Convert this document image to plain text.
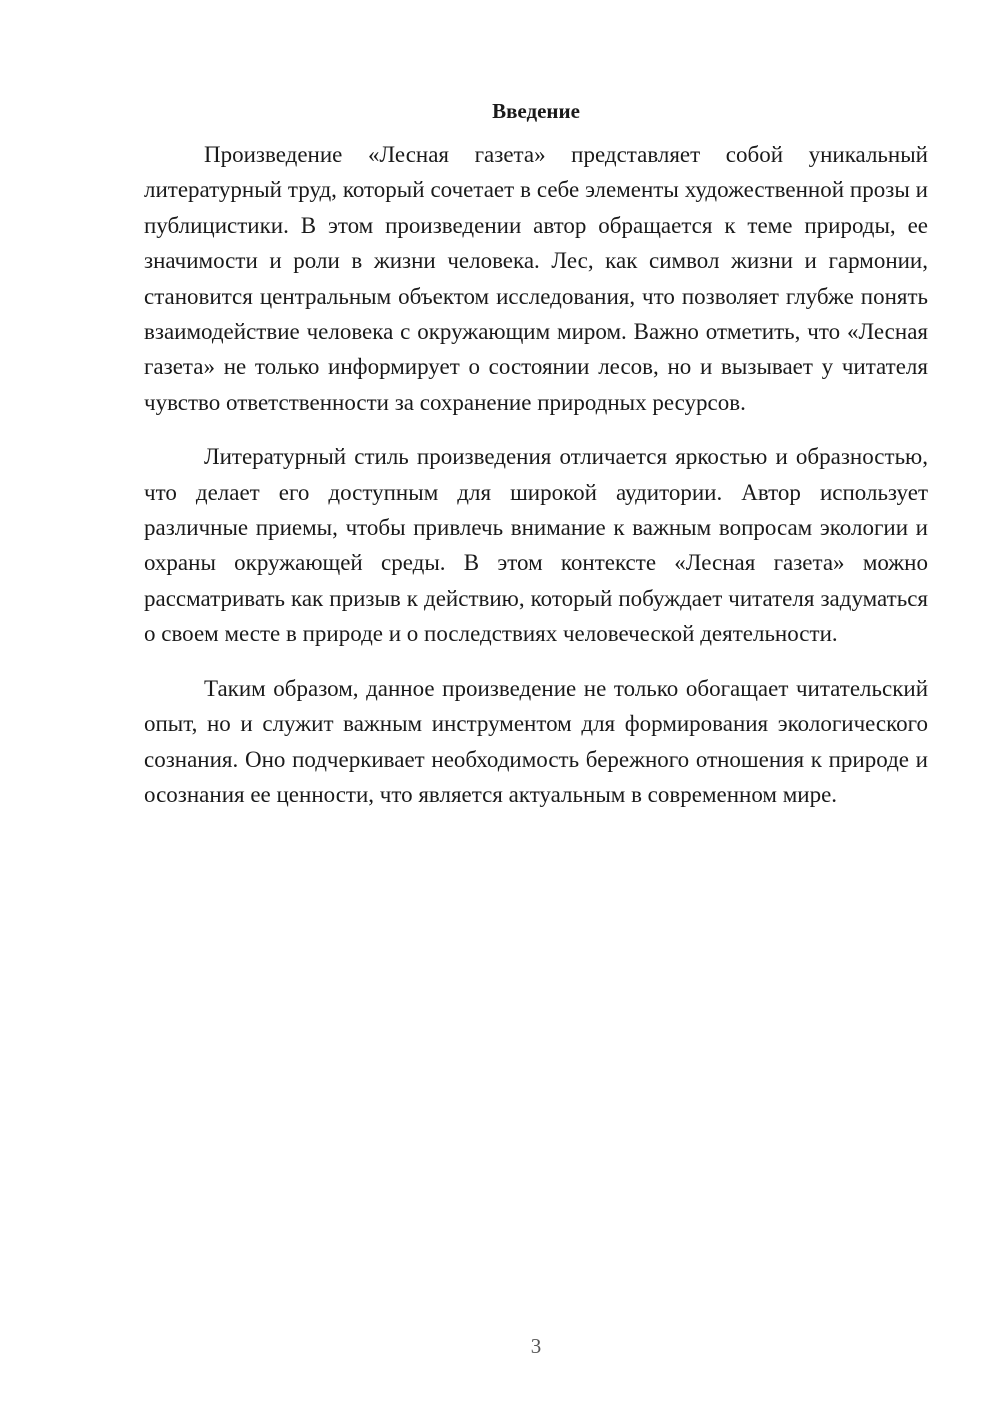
Введение

Произведение «Лесная газета» представляет собой уникальный литературный труд, который сочетает в себе элементы художественной прозы и публицистики. В этом произведении автор обращается к теме природы, ее значимости и роли в жизни человека. Лес, как символ жизни и гармонии, становится центральным объектом исследования, что позволяет глубже понять взаимодействие человека с окружающим миром. Важно отметить, что «Лесная газета» не только информирует о состоянии лесов, но и вызывает у читателя чувство ответственности за сохранение природных ресурсов.

Литературный стиль произведения отличается яркостью и образностью, что делает его доступным для широкой аудитории. Автор использует различные приемы, чтобы привлечь внимание к важным вопросам экологии и охраны окружающей среды. В этом контексте «Лесная газета» можно рассматривать как призыв к действию, который побуждает читателя задуматься о своем месте в природе и о последствиях человеческой деятельности.

Таким образом, данное произведение не только обогащает читательский опыт, но и служит важным инструментом для формирования экологического сознания. Оно подчеркивает необходимость бережного отношения к природе и осознания ее ценности, что является актуальным в современном мире.

3
